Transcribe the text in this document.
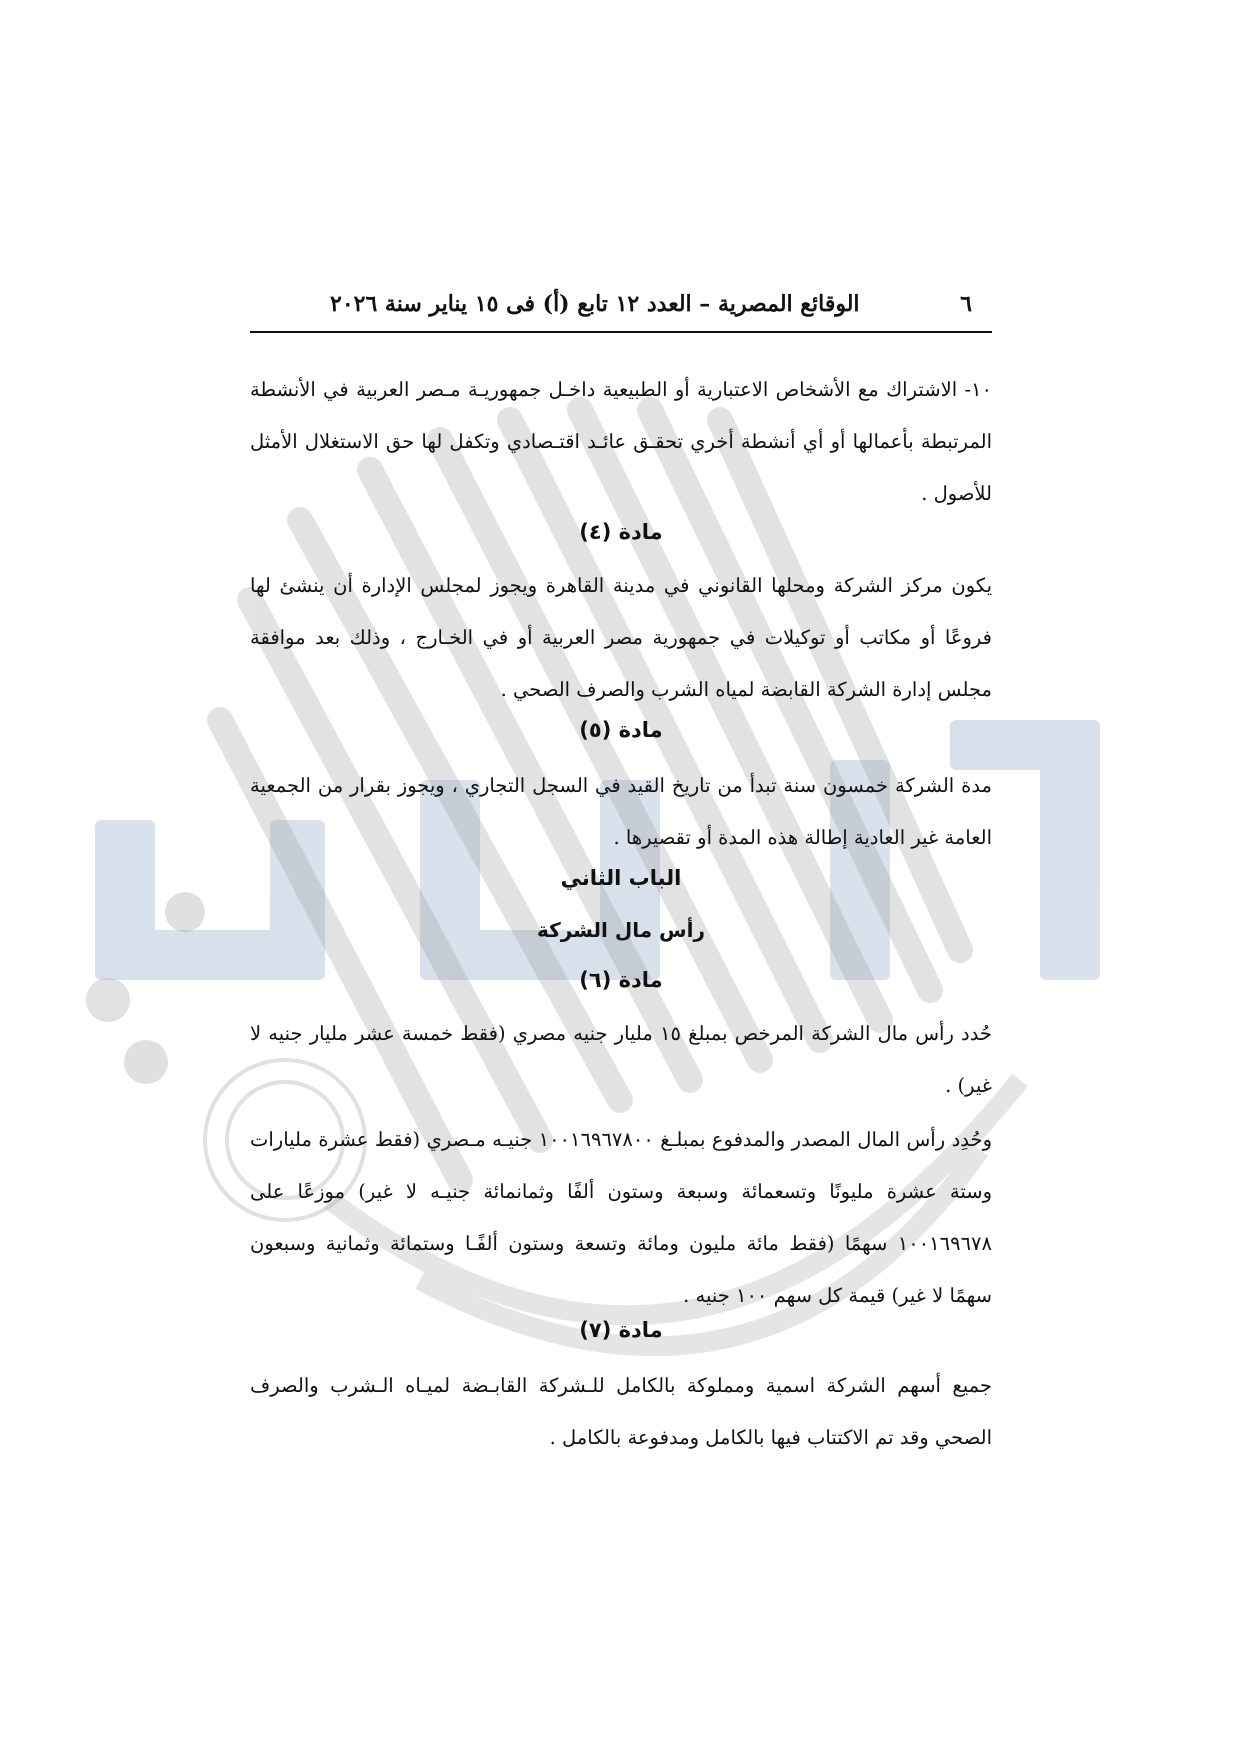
٦
الوقائع المصرية – العدد ١٢ تابع (أ) فى ١٥ يناير سنة ٢٠٢٦
١٠- الاشتراك مع الأشخاص الاعتبارية أو الطبيعية داخـل جمهوريـة مـصر العربية في الأنشطة المرتبطة بأعمالها أو أي أنشطة أخري تحقـق عائـد اقتـصادي وتكفل لها حق الاستغلال الأمثل للأصول .
مادة (٤)
يكون مركز الشركة ومحلها القانوني في مدينة القاهرة ويجوز لمجلس الإدارة أن ينشئ لها فروعًا أو مكاتب أو توكيلات في جمهورية مصر العربية أو في الخـارج ، وذلك بعد موافقة مجلس إدارة الشركة القابضة لمياه الشرب والصرف الصحي .
مادة (٥)
مدة الشركة خمسون سنة تبدأ من تاريخ القيد في السجل التجاري ، ويجوز بقرار من الجمعية العامة غير العادية إطالة هذه المدة أو تقصيرها .
الباب الثاني
رأس مال الشركة
مادة (٦)
حُدد رأس مال الشركة المرخص بمبلغ ١٥ مليار جنيه مصري (فقط خمسة عشر مليار جنيه لا غير) .
وحُدِد رأس المال المصدر والمدفوع بمبلـغ ١٠٠١٦٩٦٧٨٠٠ جنيـه مـصري (فقط عشرة مليارات وستة عشرة مليونًا وتسعمائة وسبعة وستون ألفًا وثمانمائة جنيـه لا غير) موزعًا على ١٠٠١٦٩٦٧٨ سهمًا (فقط مائة مليون ومائة وتسعة وستون ألفًـا وستمائة وثمانية وسبعون سهمًا لا غير) قيمة كل سهم ١٠٠ جنيه .
مادة (٧)
جميع أسهم الشركة اسمية ومملوكة بالكامل للـشركة القابـضة لميـاه الـشرب والصرف الصحي وقد تم الاكتتاب فيها بالكامل ومدفوعة بالكامل .
